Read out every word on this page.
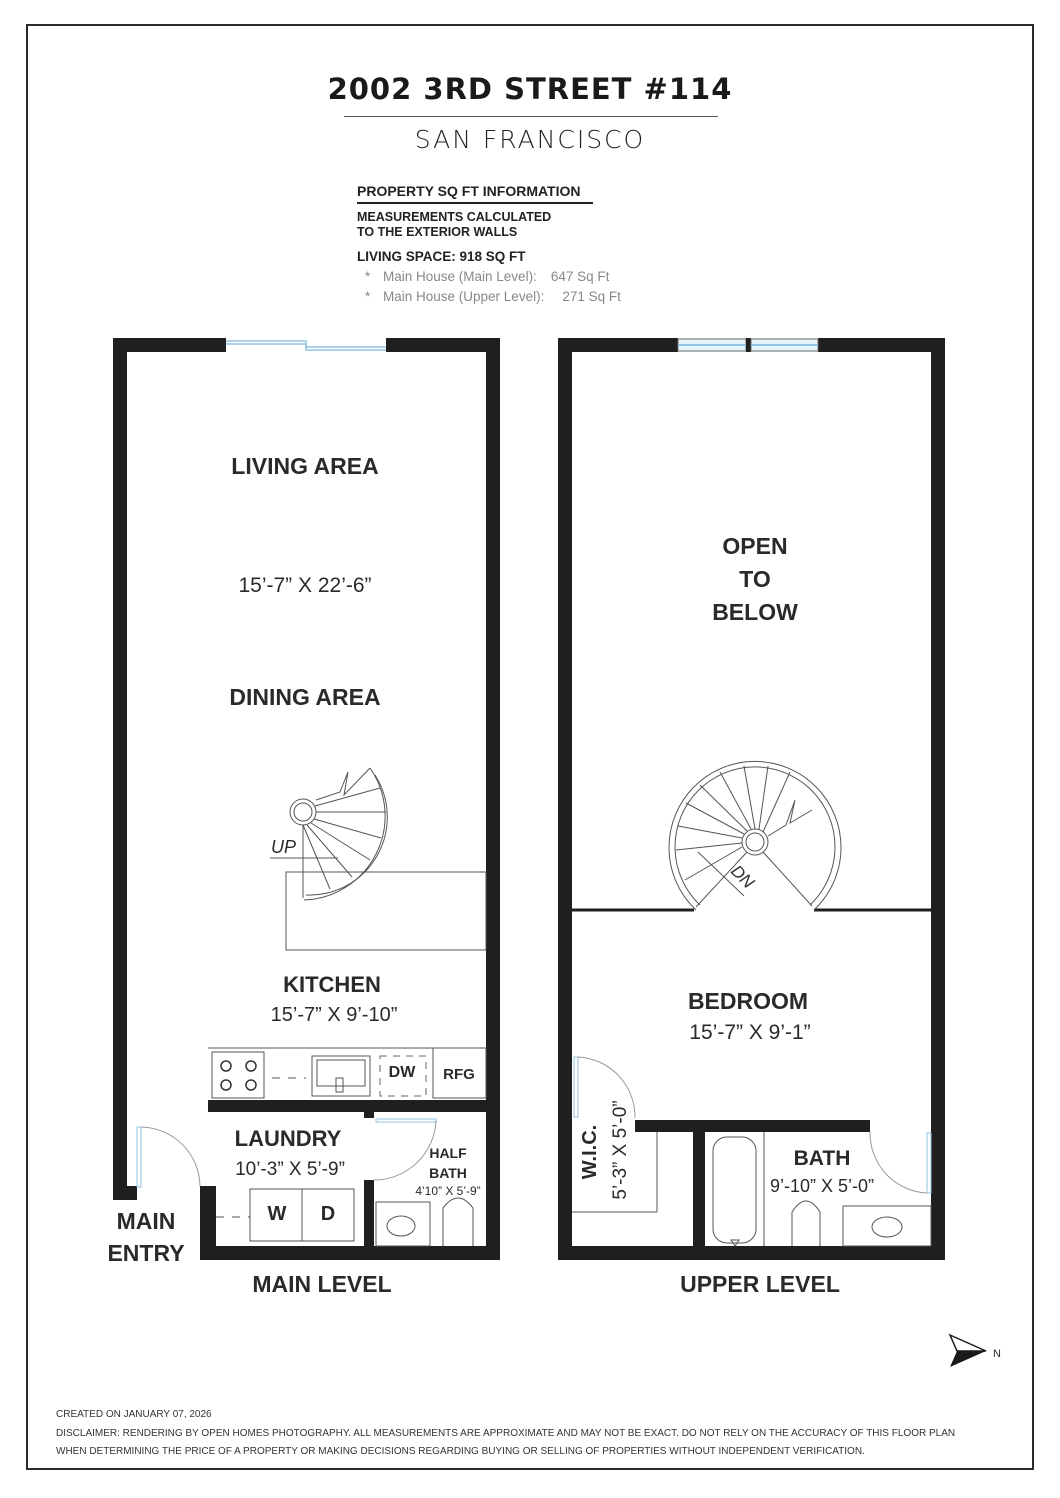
2002 3RD STREET #114
SAN FRANCISCO
PROPERTY SQ FT INFORMATION
MEASUREMENTS CALCULATED
TO THE EXTERIOR WALLS
LIVING SPACE: 918 SQ FT
* Main House (Main Level): 647 Sq Ft
* Main House (Upper Level): 271 Sq Ft
DW RFG
W D
UP
LIVING AREA
15’-7” X 22’-6”
DINING AREA
KITCHEN
15’-7” X 9’-10”
LAUNDRY
10’-3” X 5’-9”
HALF
BATH
4’10” X 5’-9”
MAIN
ENTRY
MAIN LEVEL
DN
OPEN
TO
BELOW
BEDROOM
15’-7” X 9’-1”
W.I.C. 5’-3” X 5’-0”	BATH
9’-10” X 5’-0”
UPPER LEVEL
N
CREATED ON JANUARY 07, 2026
DISCLAIMER: RENDERING BY OPEN HOMES PHOTOGRAPHY. ALL MEASUREMENTS ARE APPROXIMATE AND MAY NOT BE EXACT. DO NOT RELY ON THE ACCURACY OF THIS FLOOR PLAN
WHEN DETERMINING THE PRICE OF A PROPERTY OR MAKING DECISIONS REGARDING BUYING OR SELLING OF PROPERTIES WITHOUT INDEPENDENT VERIFICATION.
